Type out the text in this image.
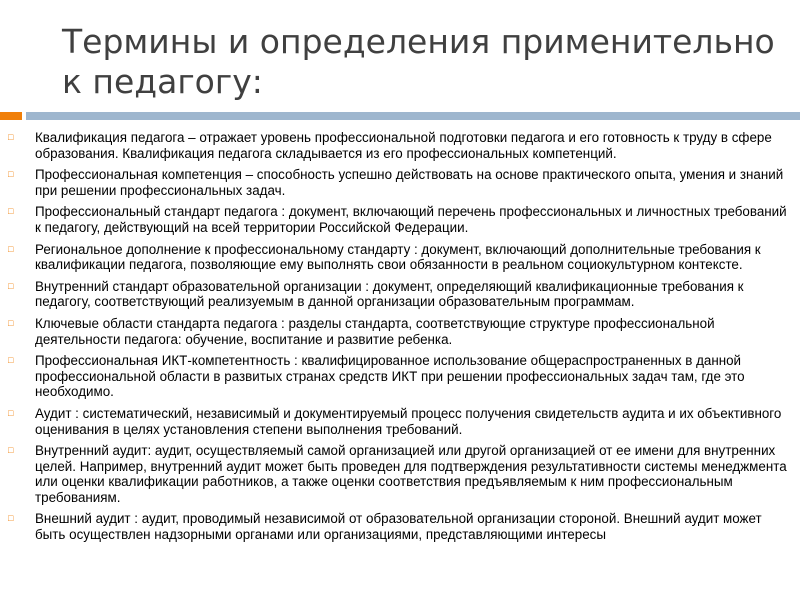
Термины и определения применительно к педагогу:
□ Квалификация педагога – отражает уровень профессиональной подготовки педагога и его готовность к труду в сфере образования. Квалификация педагога складывается из его профессиональных компетенций.
□ Профессиональная компетенция – способность успешно действовать на основе практического опыта, умения и знаний при решении профессиональных задач.
□ Профессиональный стандарт педагога : документ, включающий перечень профессиональных и личностных требований к педагогу, действующий на всей территории Российской Федерации.
□ Региональное дополнение к профессиональному стандарту : документ, включающий дополнительные требования к квалификации педагога, позволяющие ему выполнять свои обязанности в реальном социокультурном контексте.
□ Внутренний стандарт образовательной организации : документ, определяющий квалификационные требования к педагогу, соответствующий реализуемым в данной организации образовательным программам.
□ Ключевые области стандарта педагога : разделы стандарта, соответствующие структуре профессиональной деятельности педагога: обучение, воспитание и развитие ребенка.
□ Профессиональная ИКТ-компетентность : квалифицированное использование общераспространенных в данной профессиональной области в развитых странах средств ИКТ при решении профессиональных задач там, где это необходимо.
□ Аудит : систематический, независимый и документируемый процесс получения свидетельств аудита и их объективного оценивания в целях установления степени выполнения требований.
□ Внутренний аудит: аудит, осуществляемый самой организацией или другой организацией от ее имени для внутренних целей. Например, внутренний аудит может быть проведен для подтверждения результативности системы менеджмента или оценки квалификации работников, а также оценки соответствия предъявляемым к ним профессиональным требованиям.
□ Внешний аудит : аудит, проводимый независимой от образовательной организации стороной. Внешний аудит может быть осуществлен надзорными органами или организациями, представляющими интересы
